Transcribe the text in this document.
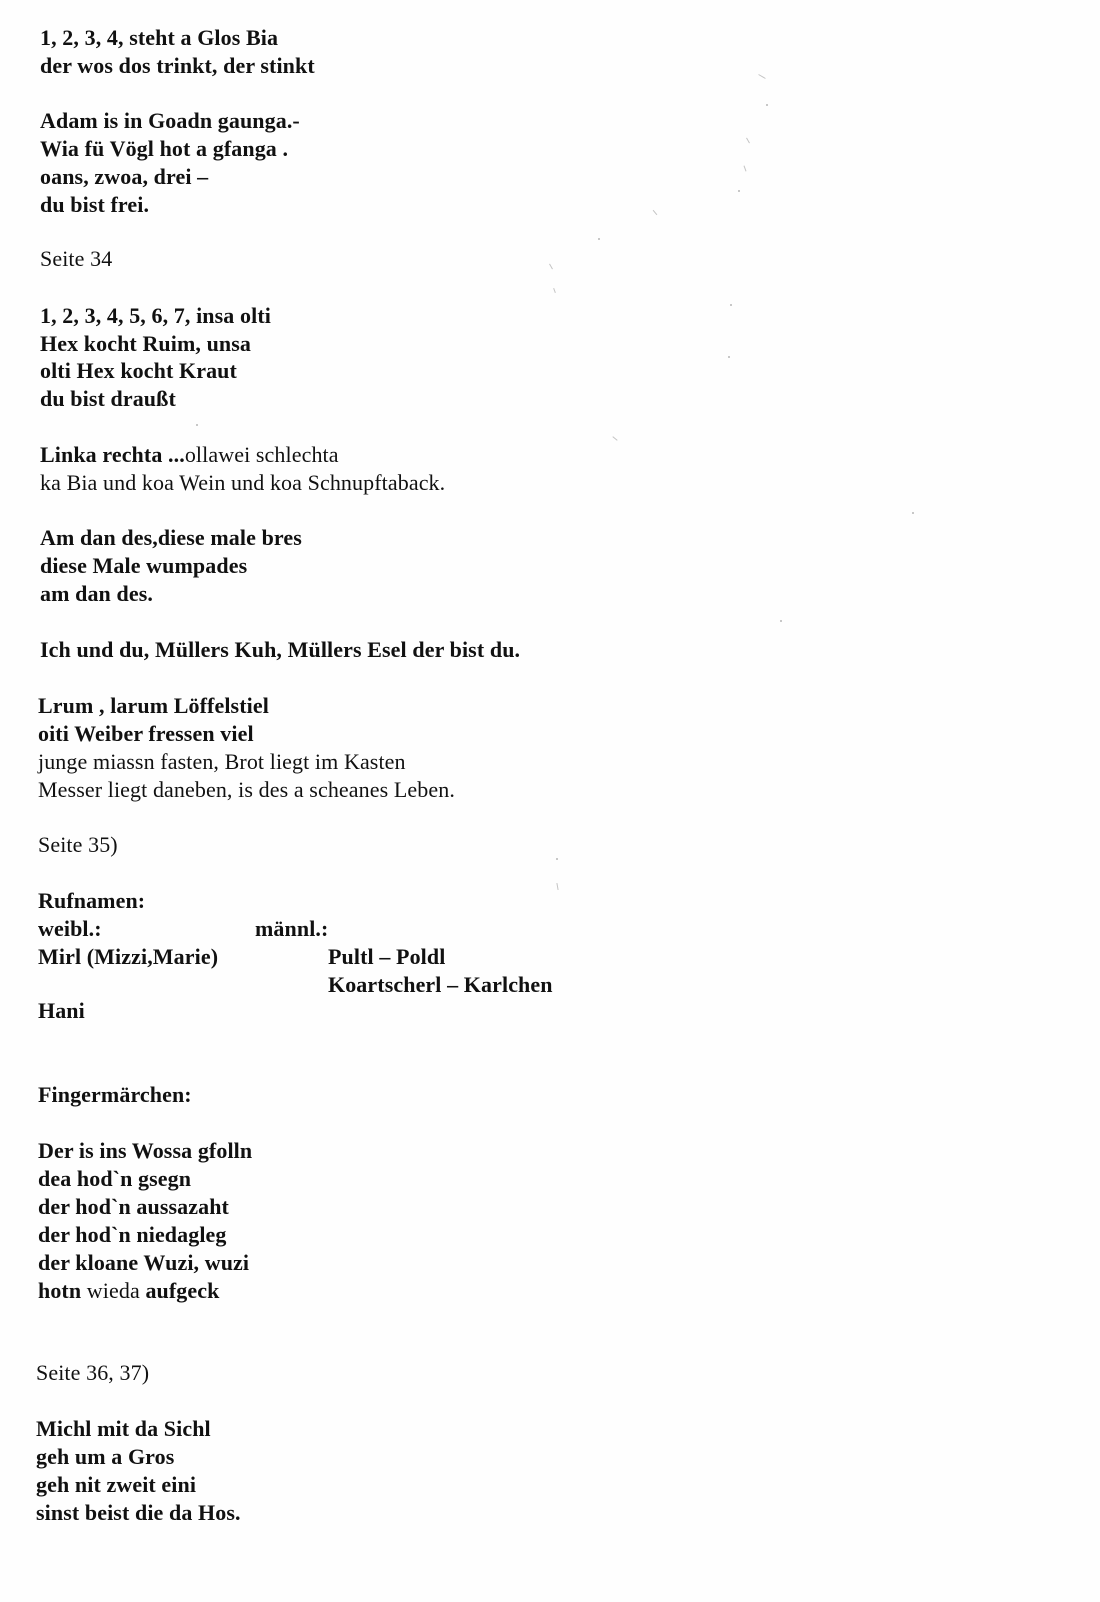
1, 2, 3, 4, steht a Glos Bia

der wos dos trinkt, der stinkt

Adam is in Goadn gaunga.-

Wia fü Vögl hot a gfanga .

oans, zwoa, drei –

du bist frei.

Seite 34

1, 2, 3, 4, 5, 6, 7, insa olti

Hex kocht Ruim, unsa

olti Hex kocht Kraut

du bist draußt

Linka rechta ...ollawei schlechta

ka Bia und koa Wein und koa Schnupftaback.

Am dan des,diese male bres

diese Male wumpades

am dan des.

Ich und du, Müllers Kuh, Müllers Esel der bist du.

Lrum , larum Löffelstiel

oiti Weiber fressen viel

junge miassn fasten, Brot liegt im Kasten

Messer liegt daneben, is des a scheanes Leben.

Seite 35)

Rufnamen:

weibl.:	männl.:

Mirl (Mizzi,Marie)	Pultl – Poldl

Koartscherl – Karlchen

Hani

Fingermärchen:

Der is ins Wossa gfolln

dea hod`n gsegn

der hod`n aussazaht

der hod`n niedagleg

der kloane Wuzi, wuzi

hotn wieda aufgeck

Seite 36, 37)

Michl mit da Sichl

geh um a Gros

geh nit zweit eini

sinst beist die da Hos.
